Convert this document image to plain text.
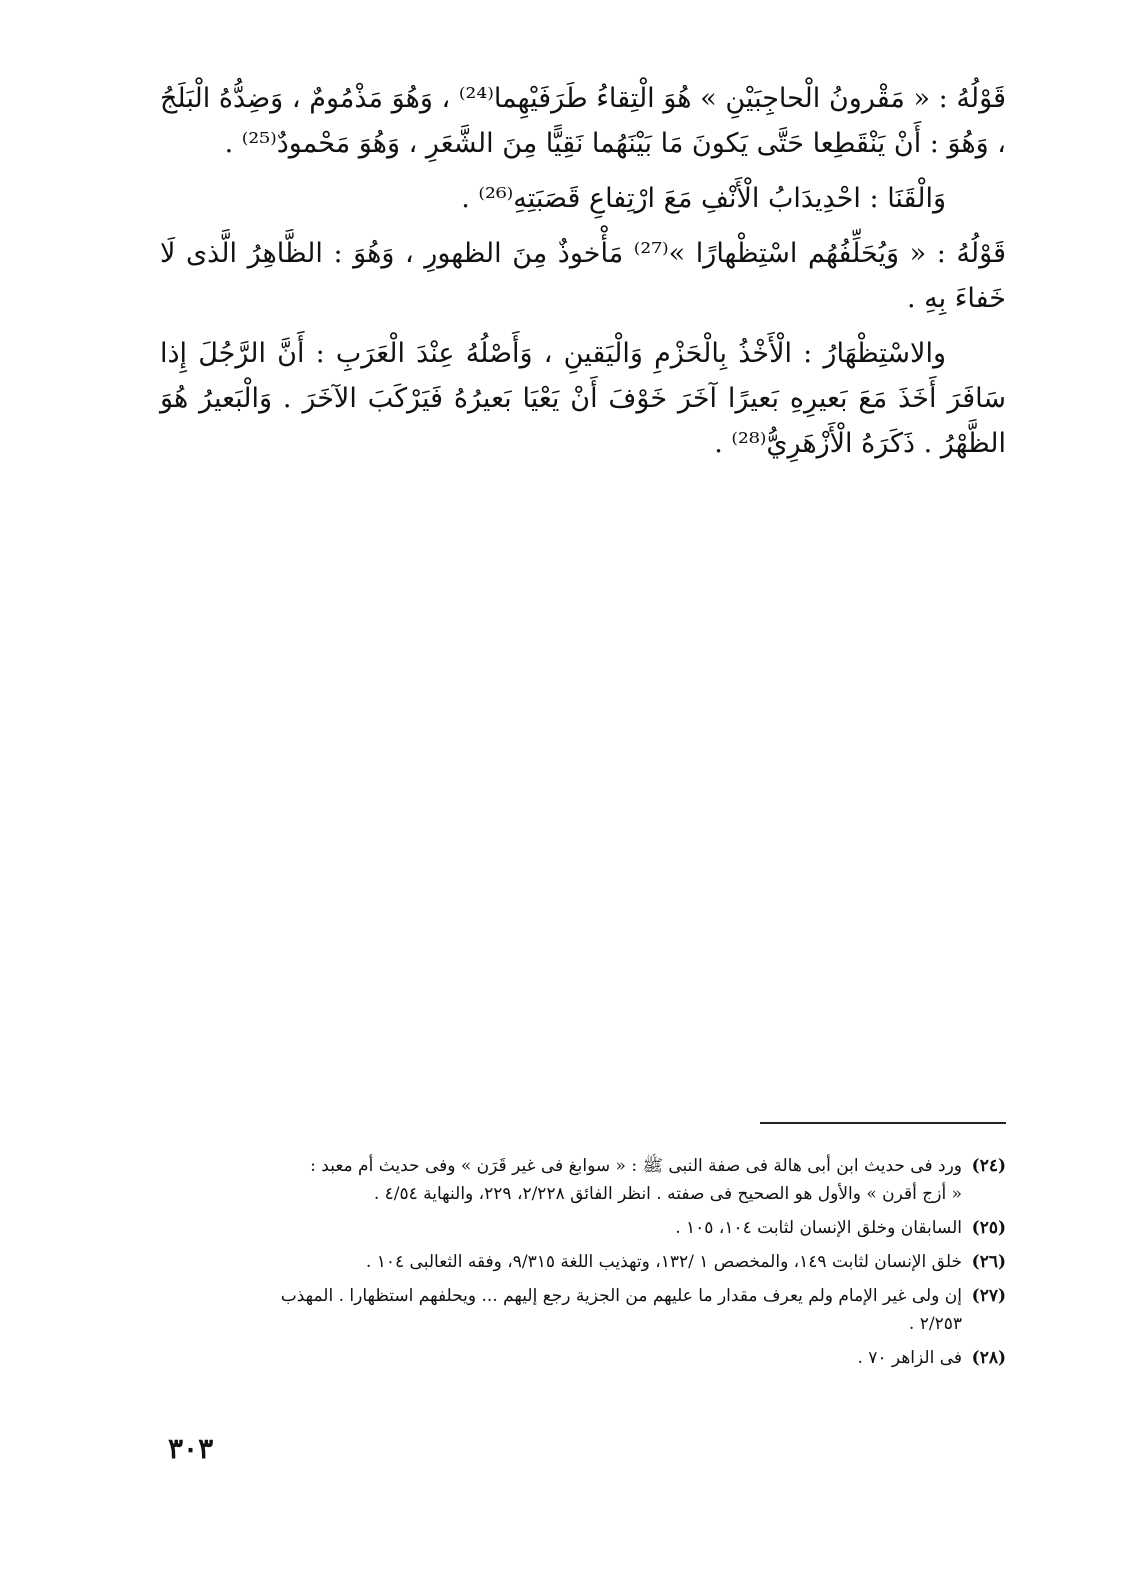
قَوْلُهُ : « مَقْرونُ الْحاجِبَيْنِ » هُوَ الْتِقاءُ طَرَفَيْهِما⁽²⁴⁾ ، وَهُوَ مَذْمُومٌ ، وَضِدُّهُ الْبَلَجُ ، وَهُوَ : أَنْ يَنْقَطِعا حَتَّى يَكونَ مَا بَيْنَهُما نَقِيًّا مِنَ الشَّعَرِ ، وَهُوَ مَحْمودٌ⁽²⁵⁾ .

وَالْقَنَا : احْدِيدَابُ الْأَنْفِ مَعَ ارْتِفاعِ قَصَبَتِهِ⁽²⁶⁾ .

قَوْلُهُ : « وَيُحَلِّفُهُم اسْتِظْهارًا »⁽²⁷⁾ مَأْخوذٌ مِنَ الظهورِ ، وَهُوَ : الظَّاهِرُ الَّذى لَا خَفاءَ بِهِ .

والاسْتِظْهَارُ : الْأَخْذُ بِالْحَزْمِ وَالْيَقينِ ، وَأَصْلُهُ عِنْدَ الْعَرَبِ : أَنَّ الرَّجُلَ إِذا سَافَرَ أَخَذَ مَعَ بَعيرِهِ بَعيرًا آخَرَ خَوْفَ أَنْ يَعْيَا بَعيرُهُ فَيَرْكَبَ الآخَرَ . وَالْبَعيرُ هُوَ الظَّهْرُ . ذَكَرَهُ الْأَزْهَرِيُّ⁽²⁸⁾ .

(٢٤)
ورد فى حديث ابن أبى هالة فى صفة النبى ﷺ : « سوابغ فى غير قَرَن » وفى حديث أم معبد :
« أزج أقرن » والأول هو الصحيح فى صفته . انظر الفائق ٢/٢٢٨، ٢٢٩، والنهاية ٤/٥٤ .
(٢٥)
السابقان وخلق الإنسان لثابت ١٠٤، ١٠٥ .
(٢٦)
خلق الإنسان لثابت ١٤٩، والمخصص ١ /١٣٢، وتهذيب اللغة ٩/٣١٥، وفقه الثعالبى ١٠٤ .
(٢٧)
إن ولى غير الإمام ولم يعرف مقدار ما عليهم من الجزية رجع إليهم ... ويحلفهم استظهارا . المهذب
٢/٢٥٣ .
(٢٨)
فى الزاهر ٧٠ .
٣٠٣
